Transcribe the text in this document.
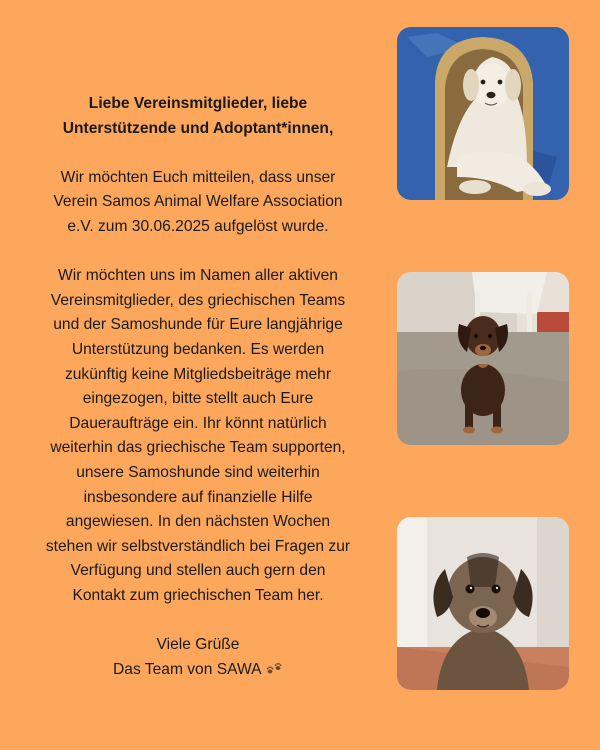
Liebe Vereinsmitglieder, liebe
Unterstützende und Adoptant*innen,

Wir möchten Euch mitteilen, dass unser
Verein Samos Animal Welfare Association
e.V. zum 30.06.2025 aufgelöst wurde.

Wir möchten uns im Namen aller aktiven
Vereinsmitglieder, des griechischen Teams
und der Samoshunde für Eure langjährige
Unterstützung bedanken. Es werden
zukünftig keine Mitgliedsbeiträge mehr
eingezogen, bitte stellt auch Eure
Daueraufträge ein. Ihr könnt natürlich
weiterhin das griechische Team supporten,
unsere Samoshunde sind weiterhin
insbesondere auf finanzielle Hilfe
angewiesen. In den nächsten Wochen
stehen wir selbstverständlich bei Fragen zur
Verfügung und stellen auch gern den
Kontakt zum griechischen Team her.

Viele Grüße
Das Team von SAWA
